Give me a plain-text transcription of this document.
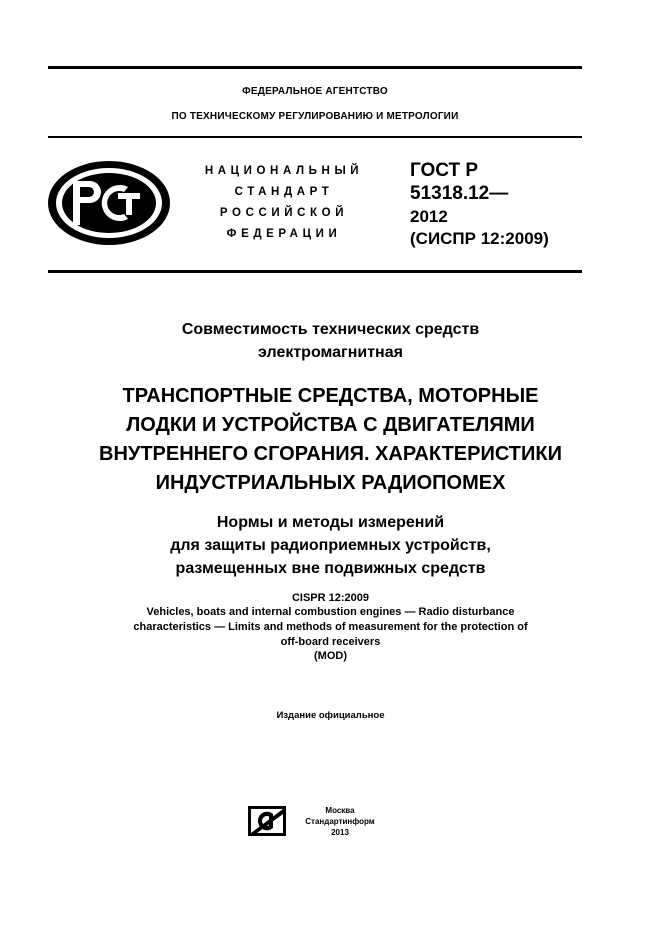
ФЕДЕРАЛЬНОЕ АГЕНТСТВО
ПО ТЕХНИЧЕСКОМУ РЕГУЛИРОВАНИЮ И МЕТРОЛОГИИ
НАЦИОНАЛЬНЫЙ
СТАНДАРТ
РОССИЙСКОЙ
ФЕДЕРАЦИИ
ГОСТ Р
51318.12—
2012
(СИСПР 12:2009)
Совместимость технических средств
электромагнитная
ТРАНСПОРТНЫЕ СРЕДСТВА, МОТОРНЫЕ
ЛОДКИ И УСТРОЙСТВА С ДВИГАТЕЛЯМИ
ВНУТРЕННЕГО СГОРАНИЯ. ХАРАКТЕРИСТИКИ
ИНДУСТРИАЛЬНЫХ РАДИОПОМЕХ
Нормы и методы измерений
для защиты радиоприемных устройств,
размещенных вне подвижных средств
CISPR 12:2009
Vehicles, boats and internal combustion engines — Radio disturbance
characteristics — Limits and methods of measurement for the protection of
off-board receivers
(MOD)
Издание официальное
Москва
Стандартинформ
2013
